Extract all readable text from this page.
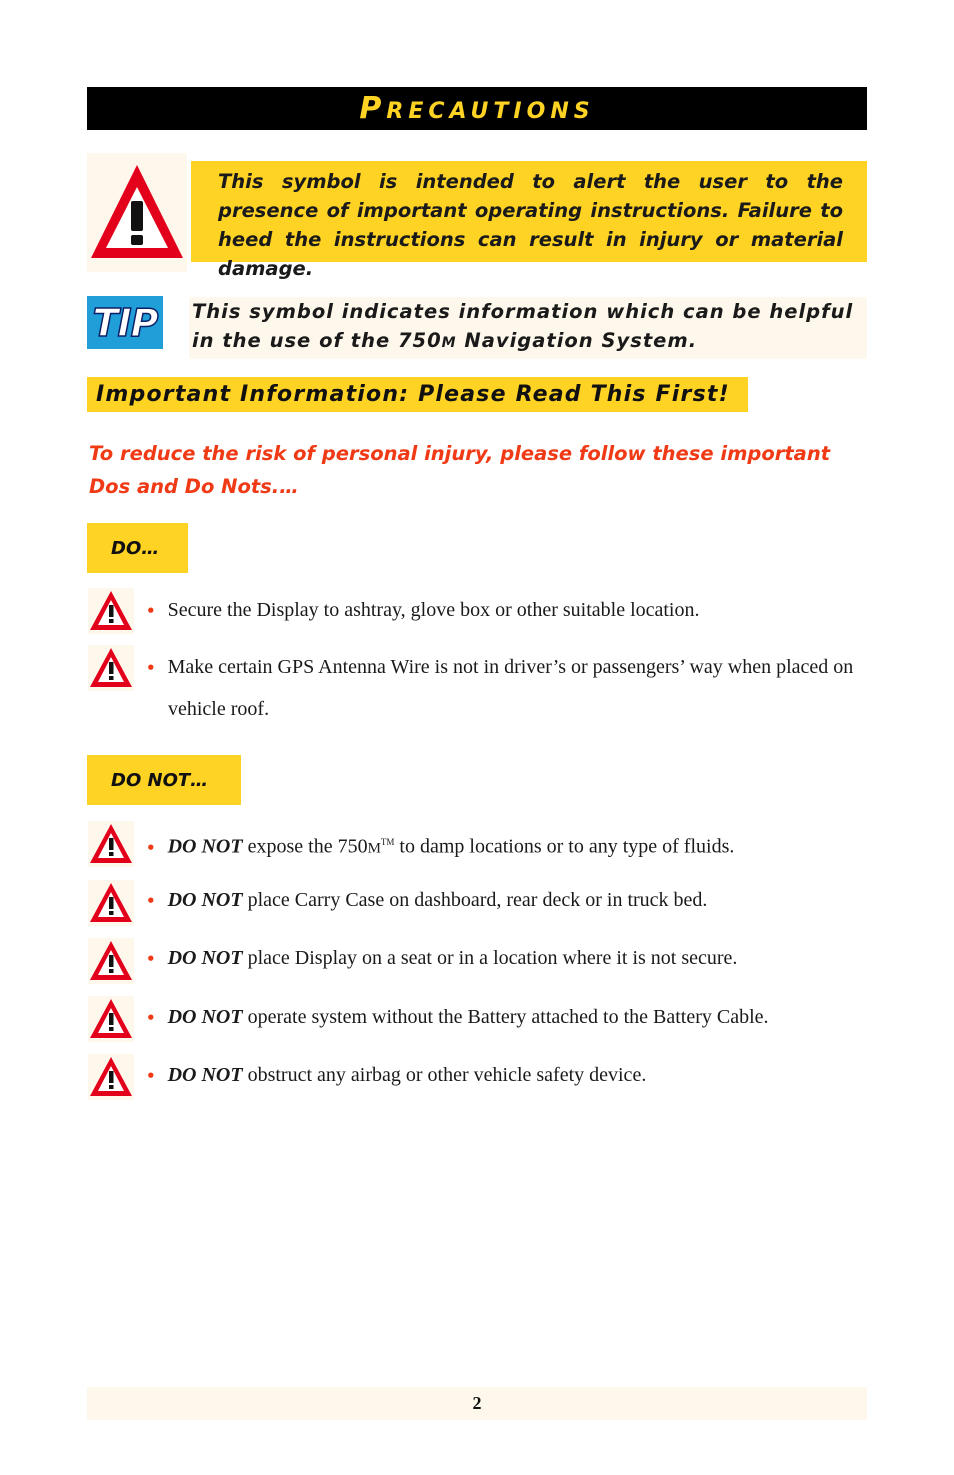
PRECAUTIONS

This symbol is intended to alert the user to the presence of important operating instructions. Failure to heed the instructions can result in injury or material damage.

TIP This symbol indicates information which can be helpful in the use of the 750M Navigation System.

Important Information: Please Read This First!
To reduce the risk of personal injury, please follow these important Dos and Do Nots.…
DO…
• Secure the Display to ashtray, glove box or other suitable location.
• Make certain GPS Antenna Wire is not in driver’s or passengers’ way when placed on vehicle roof.
DO NOT…
• DO NOT expose the 750M™ to damp locations or to any type of fluids.
• DO NOT place Carry Case on dashboard, rear deck or in truck bed.
• DO NOT place Display on a seat or in a location where it is not secure.
• DO NOT operate system without the Battery attached to the Battery Cable.
• DO NOT obstruct any airbag or other vehicle safety device.
2
